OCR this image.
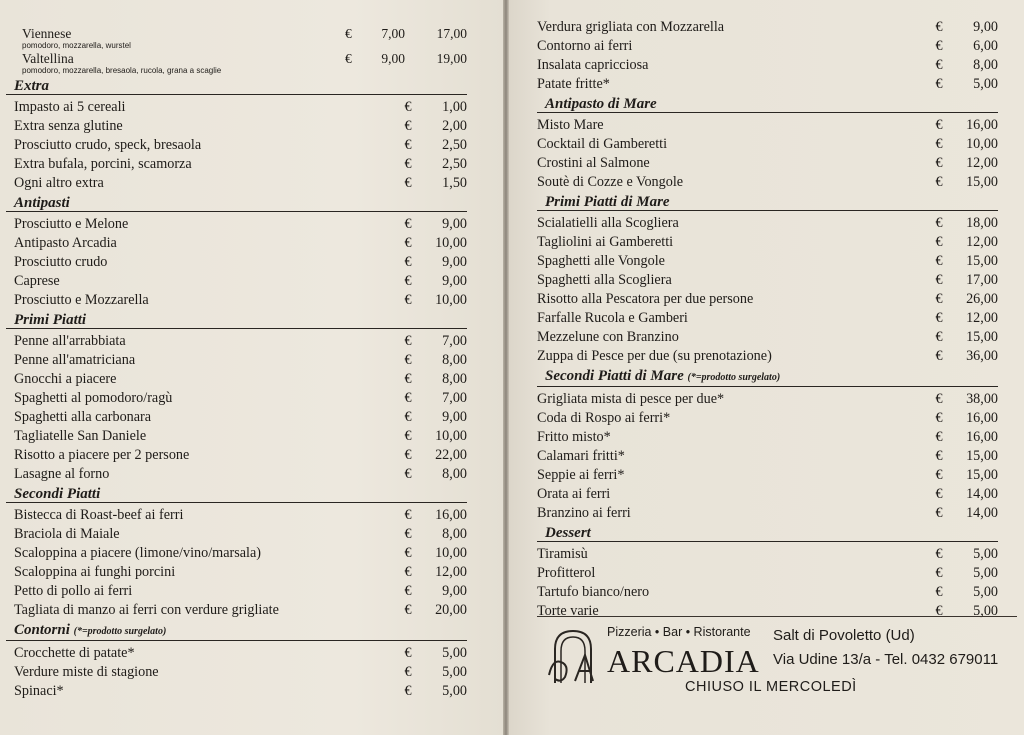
Viennese
pomodoro, mozzarella, wurstel
€	7,00	17,00
Valtellina
pomodoro, mozzarella, bresaola, rucola, grana a scaglie
€	9,00	19,00
Extra
Impasto ai 5 cereali	€	1,00
Extra senza glutine	€	2,00
Prosciutto crudo, speck, bresaola	€	2,50
Extra bufala, porcini, scamorza	€	2,50
Ogni altro extra	€	1,50
Antipasti
Prosciutto e Melone	€	9,00
Antipasto Arcadia	€	10,00
Prosciutto crudo	€	9,00
Caprese	€	9,00
Prosciutto e Mozzarella	€	10,00
Primi Piatti
Penne all'arrabbiata	€	7,00
Penne all'amatriciana	€	8,00
Gnocchi a piacere	€	8,00
Spaghetti al pomodoro/ragù	€	7,00
Spaghetti alla carbonara	€	9,00
Tagliatelle San Daniele	€	10,00
Risotto a piacere per 2 persone	€	22,00
Lasagne al forno	€	8,00
Secondi Piatti
Bistecca di Roast-beef ai ferri	€	16,00
Braciola di Maiale	€	8,00
Scaloppina a piacere (limone/vino/marsala)	€	10,00
Scaloppina ai funghi porcini	€	12,00
Petto di pollo ai ferri	€	9,00
Tagliata di manzo ai ferri con verdure grigliate	€	20,00
Contorni (*=prodotto surgelato)
Crocchette di patate*	€	5,00
Verdure miste di stagione	€	5,00
Spinaci*	€	5,00
Verdura grigliata con Mozzarella	€	9,00
Contorno ai ferri	€	6,00
Insalata capricciosa	€	8,00
Patate fritte*	€	5,00
Antipasto di Mare
Misto Mare	€	16,00
Cocktail di Gamberetti	€	10,00
Crostini al Salmone	€	12,00
Soutè di Cozze e Vongole	€	15,00
Primi Piatti di Mare
Scialatielli alla Scogliera	€	18,00
Tagliolini ai Gamberetti	€	12,00
Spaghetti alle Vongole	€	15,00
Spaghetti alla Scogliera	€	17,00
Risotto alla Pescatora per due persone	€	26,00
Farfalle Rucola e Gamberi	€	12,00
Mezzelune con Branzino	€	15,00
Zuppa di Pesce per due (su prenotazione)	€	36,00
Secondi Piatti di Mare (*=prodotto surgelato)
Grigliata mista di pesce per due*	€	38,00
Coda di Rospo ai ferri*	€	16,00
Fritto misto*	€	16,00
Calamari fritti*	€	15,00
Seppie ai ferri*	€	15,00
Orata ai ferri	€	14,00
Branzino ai ferri	€	14,00
Dessert
Tiramisù	€	5,00
Profitterol	€	5,00
Tartufo bianco/nero	€	5,00
Torte varie	€	5,00
Pizzeria • Bar • Ristorante
ARCADIA
Salt di Povoletto (Ud)
Via Udine 13/a - Tel. 0432 679011
CHIUSO IL MERCOLEDÌ
